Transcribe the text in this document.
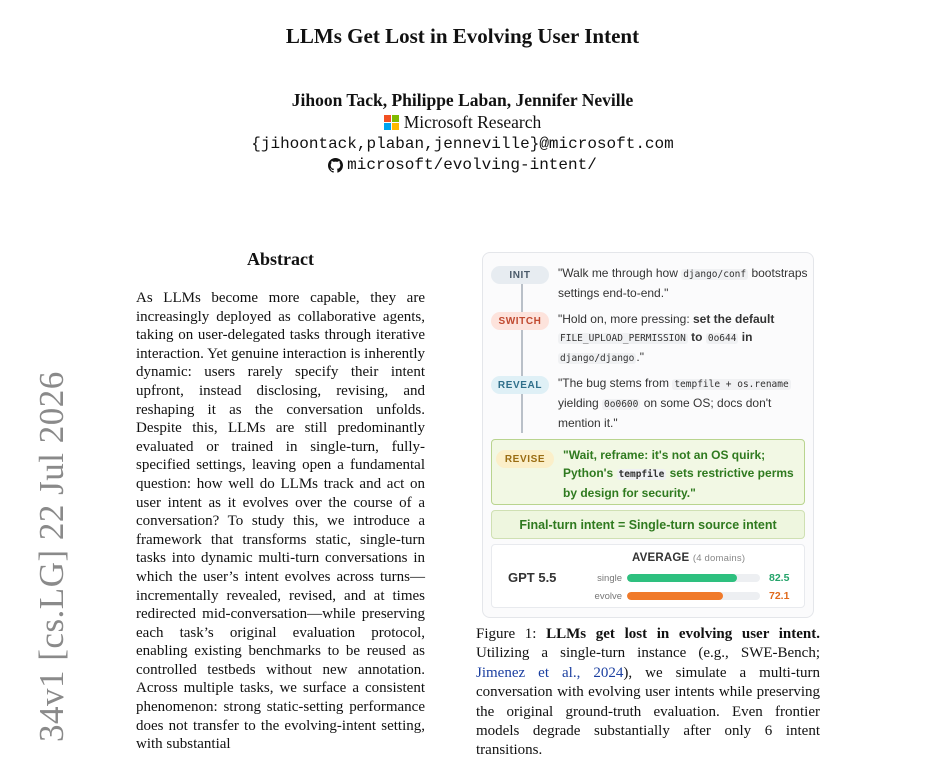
LLMs Get Lost in Evolving User Intent
Jihoon Tack, Philippe Laban, Jennifer Neville
Microsoft Research
{jihoontack,plaban,jenneville}@microsoft.com
microsoft/evolving-intent/
34v1 [cs.LG] 22 Jul 2026
Abstract
As LLMs become more capable, they are increasingly deployed as collaborative agents, taking on user-delegated tasks through iterative interaction. Yet genuine interaction is inherently dynamic: users rarely specify their intent upfront, instead disclosing, revising, and reshaping it as the conversation unfolds. Despite this, LLMs are still predominantly evaluated or trained in single-turn, fully-specified settings, leaving open a fundamental question: how well do LLMs track and act on user intent as it evolves over the course of a conversation? To study this, we introduce a framework that transforms static, single-turn tasks into dynamic multi-turn conversations in which the user’s intent evolves across turns—incrementally revealed, revised, and at times redirected mid-conversation—while preserving each task’s original evaluation protocol, enabling existing benchmarks to be reused as controlled testbeds without new annotation. Across multiple tasks, we surface a consistent phenomenon: strong static-setting performance does not transfer to the evolving-intent setting, with substantial
INIT	"Walk me through how django/conf bootstraps settings end-to-end."
SWITCH	"Hold on, more pressing: set the default
FILE_UPLOAD_PERMISSION to 0o644 in
django/django ."
REVEAL	"The bug stems from tempfile + os.rename
yielding 0o0600 on some OS; docs don't mention it."
REVISE	"Wait, reframe: it's not an OS quirk; Python's tempfile sets restrictive perms by design for security."
Final-turn intent = Single-turn source intent
GPT 5.5
AVERAGE (4 domains)
single	82.5
evolve	72.1
Figure 1: LLMs get lost in evolving user intent. Utilizing a single-turn instance (e.g., SWE-Bench; Jimenez et al., 2024), we simulate a multi-turn conversation with evolving user intents while preserving the original ground-truth evaluation. Even frontier models degrade substantially after only 6 intent transitions.
